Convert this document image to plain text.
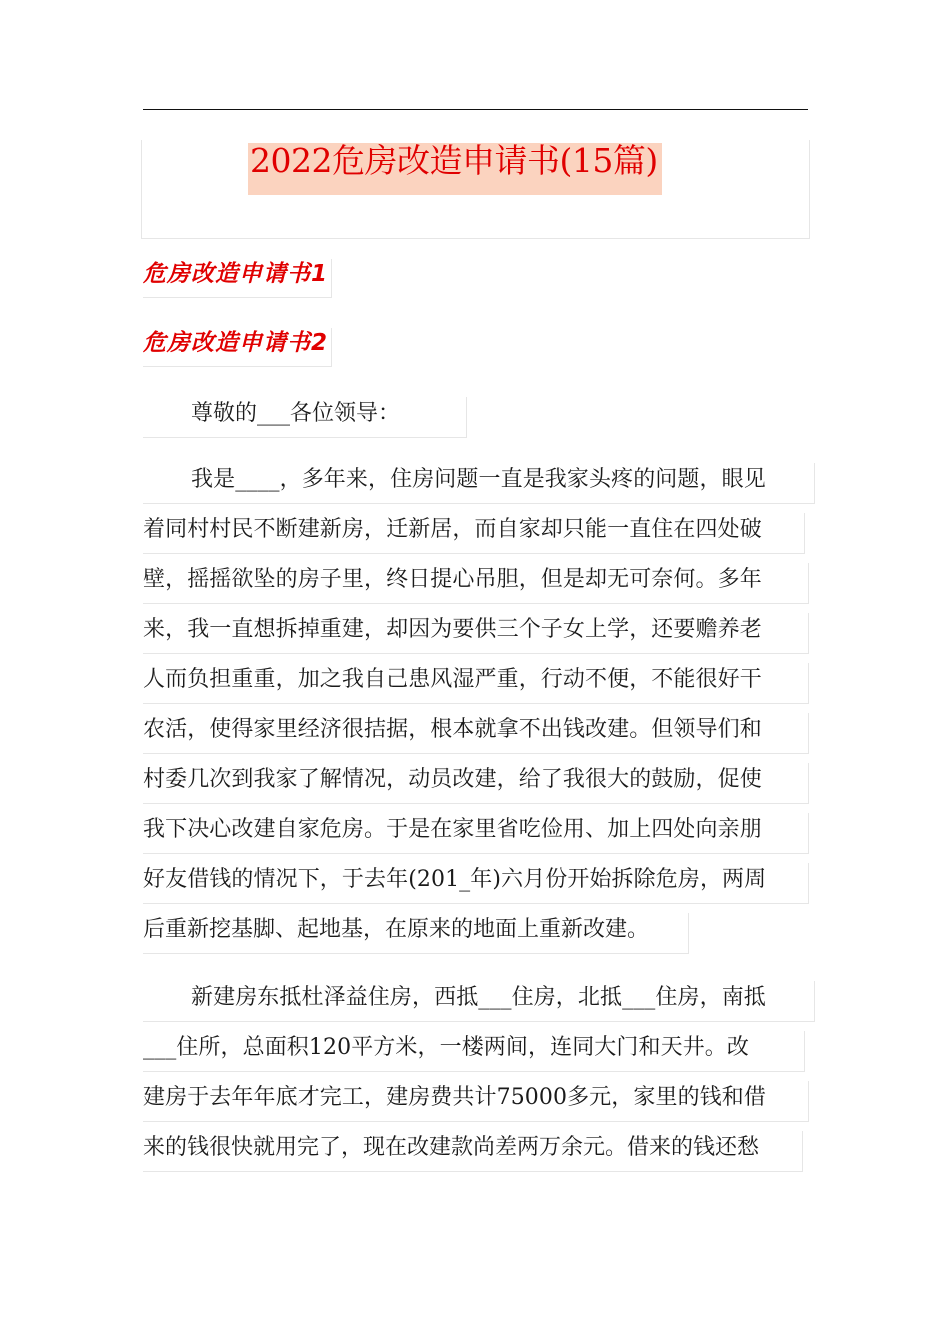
2022危房改造申请书(15篇)
危房改造申请书1
危房改造申请书2
尊敬的___各位领导：
我是____，多年来，住房问题一直是我家头疼的问题，眼见
着同村村民不断建新房，迁新居，而自家却只能一直住在四处破
壁，摇摇欲坠的房子里，终日提心吊胆，但是却无可奈何。多年
来，我一直想拆掉重建，却因为要供三个子女上学，还要赡养老
人而负担重重，加之我自己患风湿严重，行动不便，不能很好干
农活，使得家里经济很拮据，根本就拿不出钱改建。但领导们和
村委几次到我家了解情况，动员改建，给了我很大的鼓励，促使
我下决心改建自家危房。于是在家里省吃俭用、加上四处向亲朋
好友借钱的情况下，于去年(201_年)六月份开始拆除危房，两周
后重新挖基脚、起地基，在原来的地面上重新改建。
新建房东抵杜泽益住房，西抵___住房，北抵___住房，南抵
___住所，总面积120平方米，一楼两间，连同大门和天井。改
建房于去年年底才完工，建房费共计75000多元，家里的钱和借
来的钱很快就用完了，现在改建款尚差两万余元。借来的钱还愁
